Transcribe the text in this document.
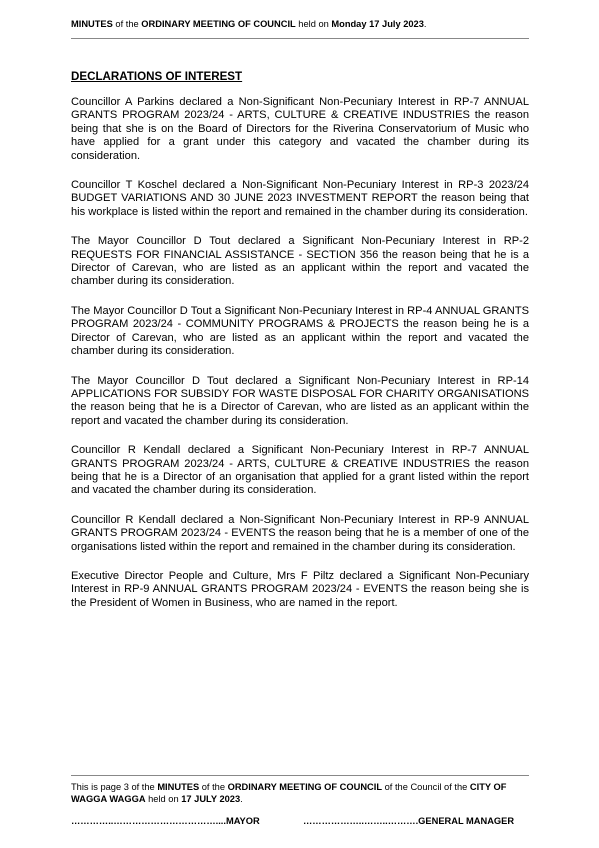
MINUTES of the ORDINARY MEETING OF COUNCIL held on Monday 17 July 2023.
DECLARATIONS OF INTEREST

Councillor A Parkins declared a Non-Significant Non-Pecuniary Interest in RP-7 ANNUAL GRANTS PROGRAM 2023/24 - ARTS, CULTURE & CREATIVE INDUSTRIES the reason being that she is on the Board of Directors for the Riverina Conservatorium of Music who have applied for a grant under this category and vacated the chamber during its consideration.

Councillor T Koschel declared a Non-Significant Non-Pecuniary Interest in RP-3 2023/24 BUDGET VARIATIONS AND 30 JUNE 2023 INVESTMENT REPORT the reason being that his workplace is listed within the report and remained in the chamber during its consideration.

The Mayor Councillor D Tout declared a Significant Non-Pecuniary Interest in RP-2 REQUESTS FOR FINANCIAL ASSISTANCE - SECTION 356 the reason being that he is a Director of Carevan, who are listed as an applicant within the report and vacated the chamber during its consideration.

The Mayor Councillor D Tout a Significant Non-Pecuniary Interest in RP-4 ANNUAL GRANTS PROGRAM 2023/24 - COMMUNITY PROGRAMS & PROJECTS the reason being he is a Director of Carevan, who are listed as an applicant within the report and vacated the chamber during its consideration.

The Mayor Councillor D Tout declared a Significant Non-Pecuniary Interest in RP-14 APPLICATIONS FOR SUBSIDY FOR WASTE DISPOSAL FOR CHARITY ORGANISATIONS the reason being that he is a Director of Carevan, who are listed as an applicant within the report and vacated the chamber during its consideration.

Councillor R Kendall declared a Significant Non-Pecuniary Interest in RP-7 ANNUAL GRANTS PROGRAM 2023/24 - ARTS, CULTURE & CREATIVE INDUSTRIES the reason being that he is a Director of an organisation that applied for a grant listed within the report and vacated the chamber during its consideration.

Councillor R Kendall declared a Non-Significant Non-Pecuniary Interest in RP-9 ANNUAL GRANTS PROGRAM 2023/24 - EVENTS the reason being that he is a member of one of the organisations listed within the report and remained in the chamber during its consideration.

Executive Director People and Culture, Mrs F Piltz declared a Significant Non-Pecuniary Interest in RP-9 ANNUAL GRANTS PROGRAM 2023/24 - EVENTS the reason being she is the President of Women in Business, who are named in the report.

This is page 3 of the MINUTES of the ORDINARY MEETING OF COUNCIL of the Council of the CITY OF WAGGA WAGGA held on 17 JULY 2023.
…………..……………………………....MAYOR	………………..……..……….GENERAL MANAGER
